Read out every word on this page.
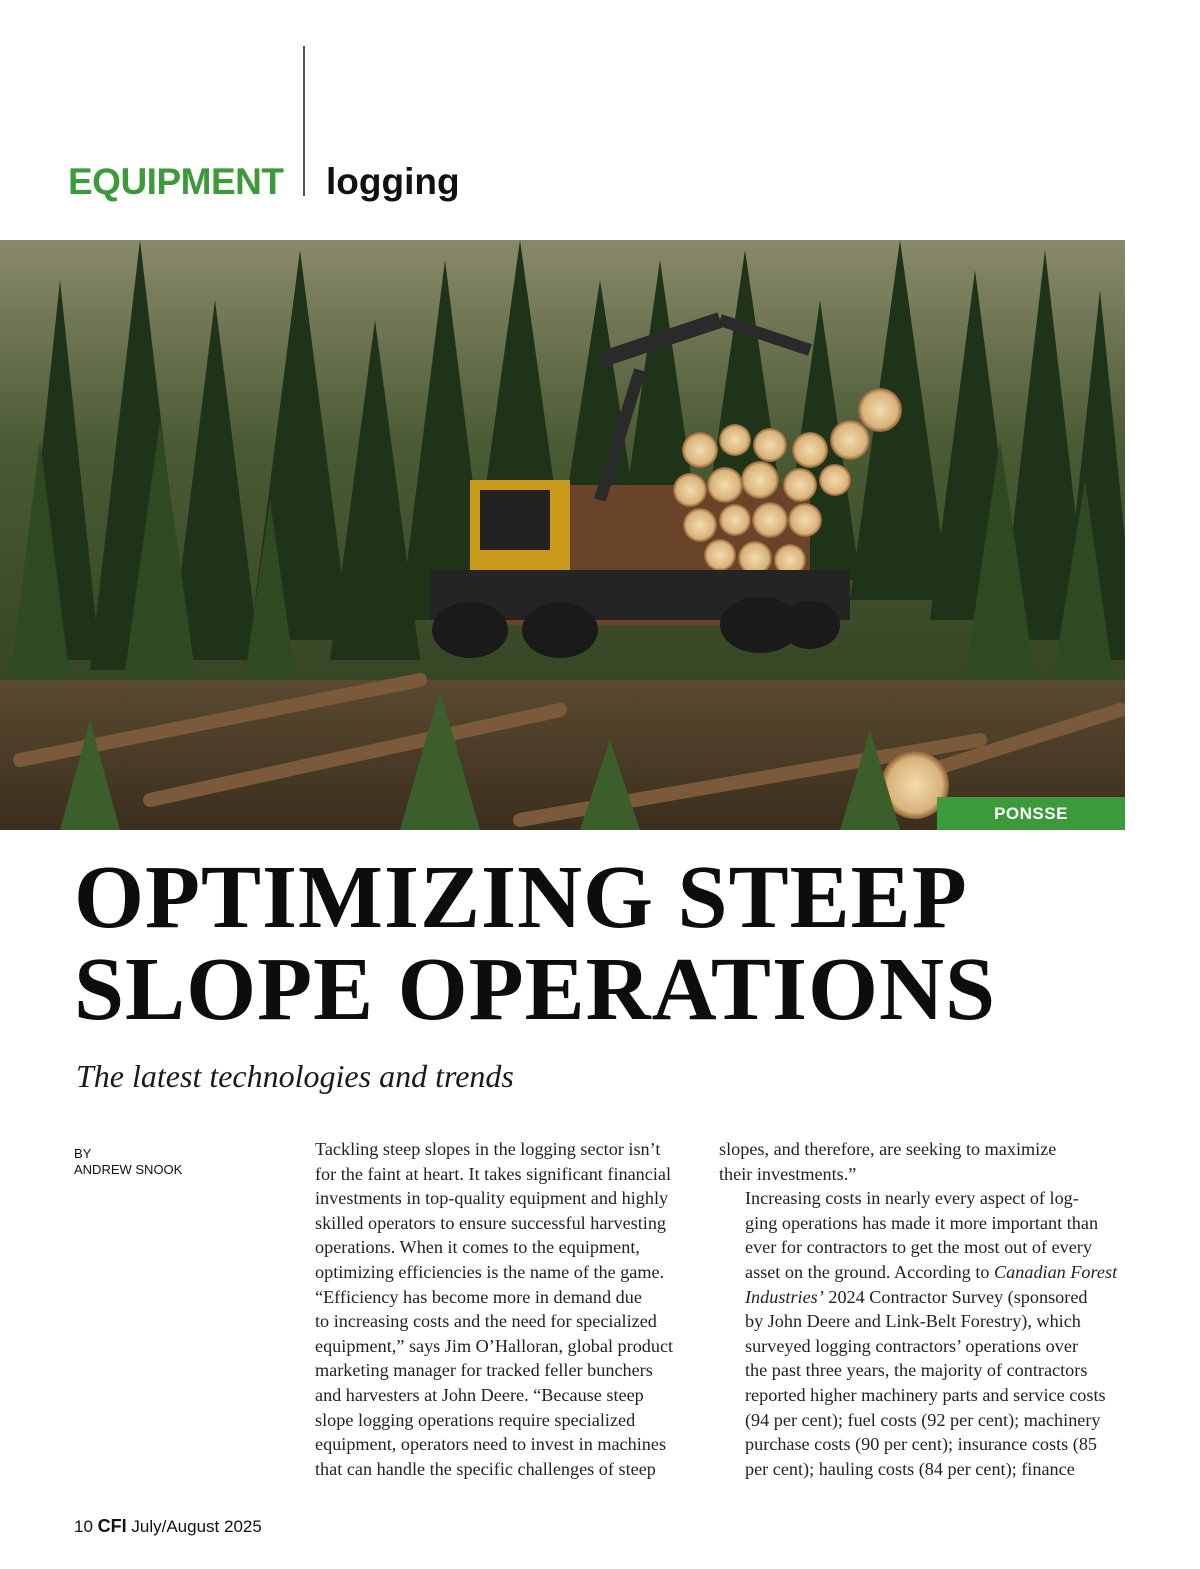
EQUIPMENT logging
PONSSE
OPTIMIZING STEEP
SLOPE OPERATIONS

The latest technologies and trends

BY
ANDREW SNOOK

Tackling steep slopes in the logging sector isn’t
for the faint at heart. It takes significant financial
investments in top-quality equipment and highly
skilled operators to ensure successful harvesting
operations. When it comes to the equipment,
optimizing efficiencies is the name of the game.

“Efficiency has become more in demand due
to increasing costs and the need for specialized
equipment,” says Jim O’Halloran, global product
marketing manager for tracked feller bunchers
and harvesters at John Deere. “Because steep
slope logging operations require specialized
equipment, operators need to invest in machines
that can handle the specific challenges of steep

slopes, and therefore, are seeking to maximize
their investments.”

Increasing costs in nearly every aspect of log-
ging operations has made it more important than
ever for contractors to get the most out of every
asset on the ground. According to Canadian Forest
Industries’ 2024 Contractor Survey (sponsored
by John Deere and Link-Belt Forestry), which
surveyed logging contractors’ operations over
the past three years, the majority of contractors
reported higher machinery parts and service costs
(94 per cent); fuel costs (92 per cent); machinery
purchase costs (90 per cent); insurance costs (85
per cent); hauling costs (84 per cent); finance

10 CFI July/August 2025
